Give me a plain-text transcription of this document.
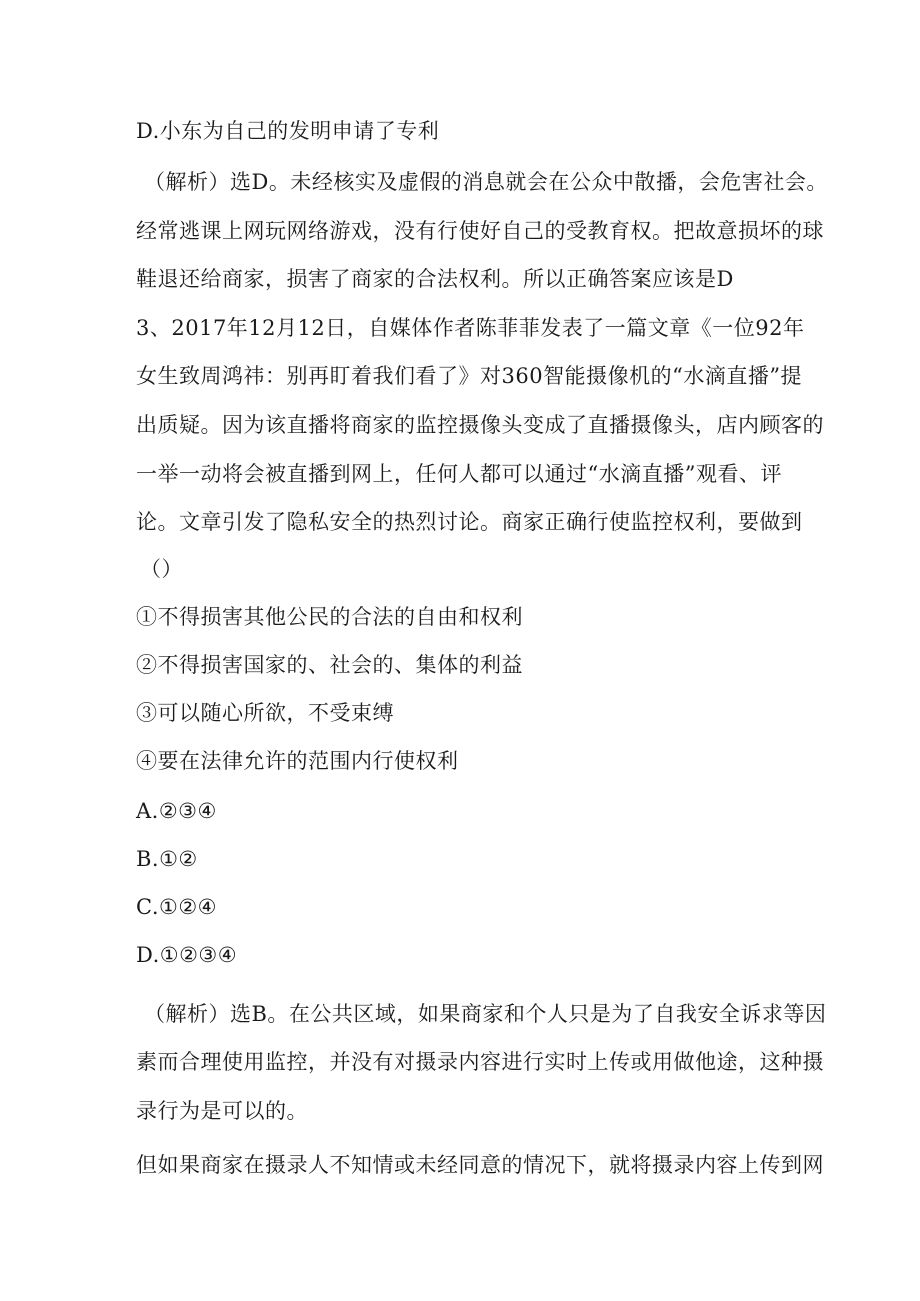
D.小东为自己的发明申请了专利
（解析）选D。未经核实及虚假的消息就会在公众中散播，会危害社会。
经常逃课上网玩网络游戏，没有行使好自己的受教育权。把故意损坏的球
鞋退还给商家，损害了商家的合法权利。所以正确答案应该是D
3、2017年12月12日，自媒体作者陈菲菲发表了一篇文章《一位92年
女生致周鸿祎：别再盯着我们看了》对360智能摄像机的“水滴直播”提
出质疑。因为该直播将商家的监控摄像头变成了直播摄像头，店内顾客的
一举一动将会被直播到网上，任何人都可以通过“水滴直播”观看、评
论。文章引发了隐私安全的热烈讨论。商家正确行使监控权利，要做到
（）
①不得损害其他公民的合法的自由和权利
②不得损害国家的、社会的、集体的利益
③可以随心所欲，不受束缚
④要在法律允许的范围内行使权利
A.②③④
B.①②
C.①②④
D.①②③④
（解析）选B。在公共区域，如果商家和个人只是为了自我安全诉求等因
素而合理使用监控，并没有对摄录内容进行实时上传或用做他途，这种摄
录行为是可以的。
但如果商家在摄录人不知情或未经同意的情况下，就将摄录内容上传到网
